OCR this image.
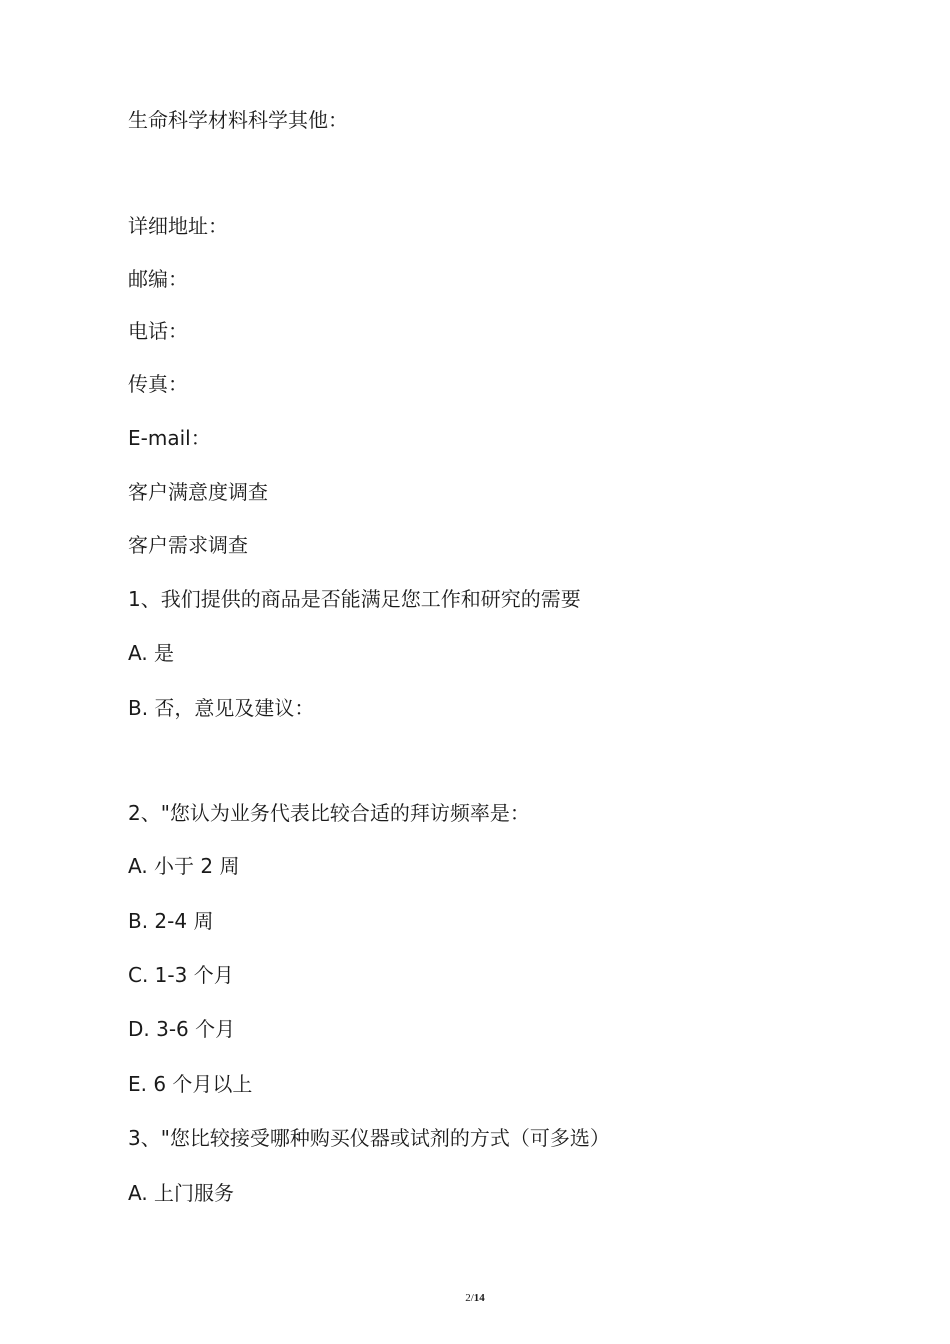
生命科学材料科学其他：
详细地址：
邮编：
电话：
传真：
E-mail：
客户满意度调查
客户需求调查
1、我们提供的商品是否能满足您工作和研究的需要
A. 是
B. 否，意见及建议：
2、"您认为业务代表比较合适的拜访频率是：
A. 小于 2 周
B. 2-4 周
C. 1-3 个月
D. 3-6 个月
E. 6 个月以上
3、"您比较接受哪种购买仪器或试剂的方式（可多选）
A. 上门服务
2/14
